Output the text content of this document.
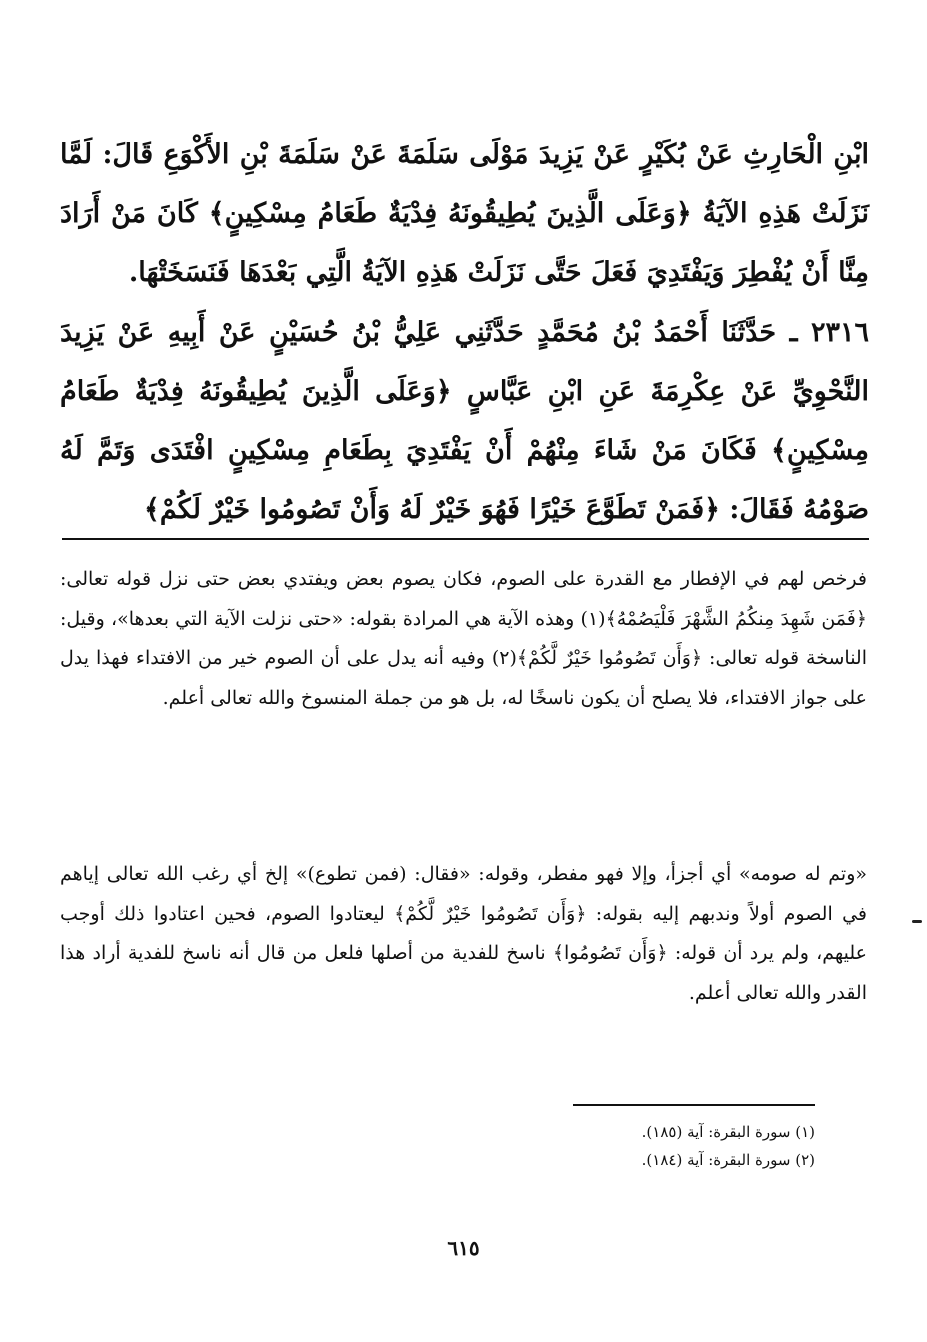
ابْنِ الْحَارِثِ عَنْ بُكَيْرٍ عَنْ يَزِيدَ مَوْلَى سَلَمَةَ عَنْ سَلَمَةَ بْنِ الأَكْوَعِ قَالَ: لَمَّا نَزَلَتْ هَذِهِ الآيَةُ ﴿وَعَلَى الَّذِينَ يُطِيقُونَهُ فِدْيَةٌ طَعَامُ مِسْكِينٍ﴾ كَانَ مَنْ أَرَادَ مِنَّا أَنْ يُفْطِرَ وَيَفْتَدِيَ فَعَلَ حَتَّى نَزَلَتْ هَذِهِ الآيَةُ الَّتِي بَعْدَهَا فَنَسَخَتْهَا.

٢٣١٦ ـ حَدَّثَنَا أَحْمَدُ بْنُ مُحَمَّدٍ حَدَّثَنِي عَلِيُّ بْنُ حُسَيْنٍ عَنْ أَبِيهِ عَنْ يَزِيدَ النَّحْوِيِّ عَنْ عِكْرِمَةَ عَنِ ابْنِ عَبَّاسٍ ﴿وَعَلَى الَّذِينَ يُطِيقُونَهُ فِدْيَةٌ طَعَامُ مِسْكِينٍ﴾ فَكَانَ مَنْ شَاءَ مِنْهُمْ أَنْ يَفْتَدِيَ بِطَعَامِ مِسْكِينٍ افْتَدَى وَتَمَّ لَهُ صَوْمُهُ فَقَالَ: ﴿فَمَنْ تَطَوَّعَ خَيْرًا فَهُوَ خَيْرٌ لَهُ وَأَنْ تَصُومُوا خَيْرٌ لَكُمْ﴾

فرخص لهم في الإفطار مع القدرة على الصوم، فكان يصوم بعض ويفتدي بعض حتى نزل قوله تعالى: ﴿فَمَن شَهِدَ مِنكُمُ الشَّهْرَ فَلْيَصُمْهُ﴾(١) وهذه الآية هي المرادة بقوله: «حتى نزلت الآية التي بعدها»، وقيل: الناسخة قوله تعالى: ﴿وَأَن تَصُومُوا خَيْرٌ لَّكُمْ﴾(٢) وفيه أنه يدل على أن الصوم خير من الافتداء فهذا يدل على جواز الافتداء، فلا يصلح أن يكون ناسخًا له، بل هو من جملة المنسوخ والله تعالى أعلم.

«وتم له صومه» أي أجزأ، وإلا فهو مفطر، وقوله: «فقال: (فمن تطوع)» إلخ أي رغب الله تعالى إياهم في الصوم أولاً وندبهم إليه بقوله: ﴿وَأَن تَصُومُوا خَيْرٌ لَّكُمْ﴾ ليعتادوا الصوم، فحين اعتادوا ذلك أوجب عليهم، ولم يرد أن قوله: ﴿وَأَن تَصُومُوا﴾ ناسخ للفدية من أصلها فلعل من قال أنه ناسخ للفدية أراد هذا القدر والله تعالى أعلم.

(١) سورة البقرة: آية (١٨٥).
(٢) سورة البقرة: آية (١٨٤).
٦١٥
